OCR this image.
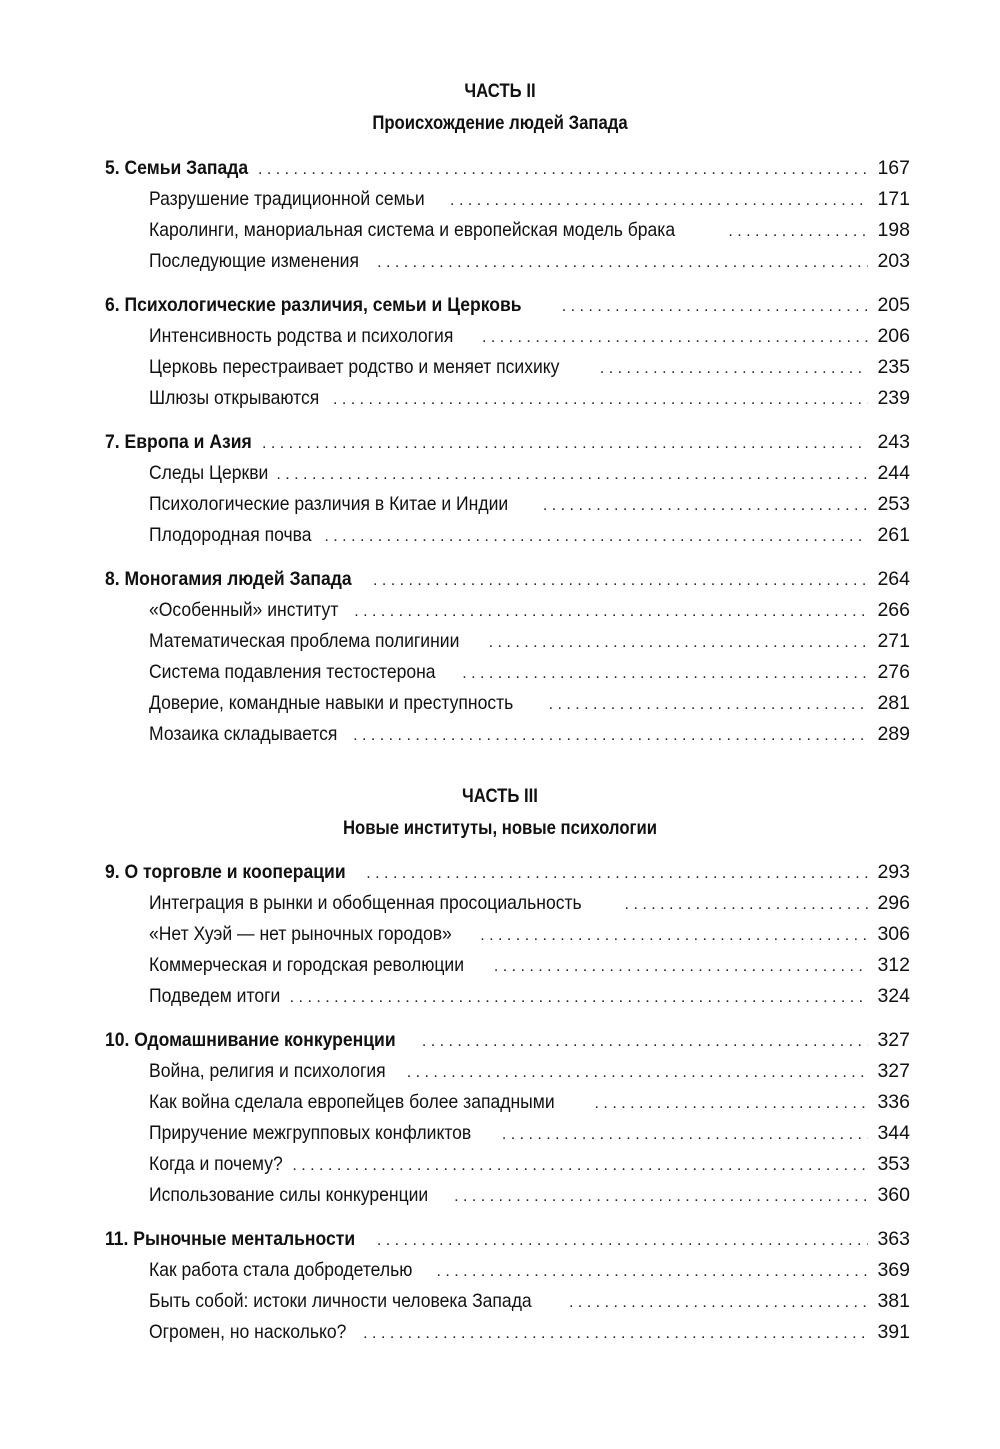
ЧАСТЬ II
Происхождение людей Запада
5. Семьи Запада . . .	167
Разрушение традиционной семьи . . .	171
Каролинги, манориальная система и европейская модель брака . . .	198
Последующие изменения . . .	203
6. Психологические различия, семьи и Церковь . . .	205
Интенсивность родства и психология . . .	206
Церковь перестраивает родство и меняет психику . . .	235
Шлюзы открываются . . .	239
7. Европа и Азия . . .	243
Следы Церкви . . .	244
Психологические различия в Китае и Индии . . .	253
Плодородная почва . . .	261
8. Моногамия людей Запада . . .	264
«Особенный» институт . . .	266
Математическая проблема полигинии . . .	271
Система подавления тестостерона . . .	276
Доверие, командные навыки и преступность . . .	281
Мозаика складывается . . .	289
ЧАСТЬ III
Новые институты, новые психологии
9. О торговле и кооперации . . .	293
Интеграция в рынки и обобщенная просоциальность . . .	296
«Нет Хуэй — нет рыночных городов» . . .	306
Коммерческая и городская революции . . .	312
Подведем итоги . . .	324
10. Одомашнивание конкуренции . . .	327
Война, религия и психология . . .	327
Как война сделала европейцев более западными . . .	336
Приручение межгрупповых конфликтов . . .	344
Когда и почему? . . .	353
Использование силы конкуренции . . .	360
11. Рыночные ментальности . . .	363
Как работа стала добродетелью . . .	369
Быть собой: истоки личности человека Запада . . .	381
Огромен, но насколько? . . .	391
